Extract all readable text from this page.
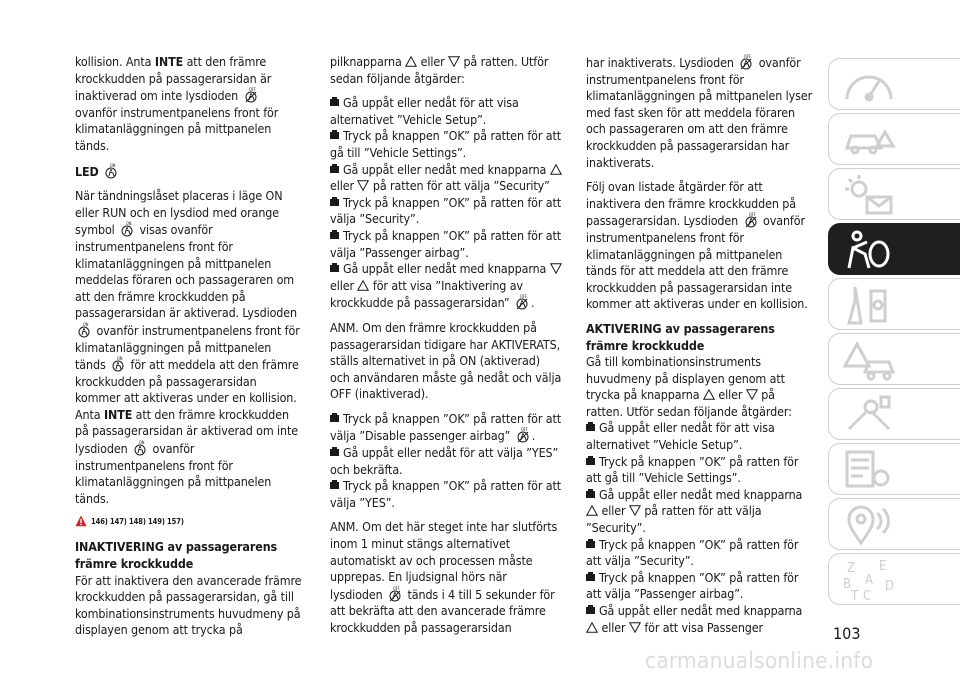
kollision. Anta INTE att den främre krockkudden på passagerarsidan är inaktiverad om inte lysdioden OFF
ovanför instrumentpanelens front för klimatanläggningen på mittpanelen tänds.

LED	ON

När tändningslåset placeras i läge ON eller RUN och en lysdiod med orange symbol ON visas ovanför instrumentpanelens front för klimatanläggningen på mittpanelen meddelas föraren och passageraren om att den främre krockkudden på passagerarsidan är aktiverad. Lysdioden
ON ovanför instrumentpanelens front för klimatanläggningen på mittpanelen tänds ON för att meddela att den främre krockkudden på passagerarsidan kommer att aktiveras under en kollision. Anta INTE att den främre krockkudden på passagerarsidan är aktiverad om inte lysdioden ON ovanför instrumentpanelens front för klimatanläggningen på mittpanelen tänds.

146) 147) 148) 149) 157)
INAKTIVERING av passagerarens främre krockkudde

För att inaktivera den avancerade främre krockkudden på passagerarsidan, gå till kombinationsinstruments huvudmeny på displayen genom att trycka på

pilknapparna  eller  på ratten. Utför sedan följande åtgärder:

Gå uppåt eller nedåt för att visa alternativet ”Vehicle Setup”.
Tryck på knappen ”OK” på ratten för att gå till ”Vehicle Settings”.
Gå uppåt eller nedåt med knapparna  eller  på ratten för att välja ”Security”
Tryck på knappen ”OK” på ratten för att välja ”Security”.
Tryck på knappen ”OK” på ratten för att välja ”Passenger airbag”.
Gå uppåt eller nedåt med knapparna  eller  för att visa ”Inaktivering av krockkudde på passagerarsidan” OFF .

ANM. Om den främre krockkudden på passagerarsidan tidigare har AKTIVERATS, ställs alternativet in på ON (aktiverad) och användaren måste gå nedåt och välja OFF (inaktiverad).

Tryck på knappen ”OK” på ratten för att välja ”Disable passenger airbag” OFF .
Gå uppåt eller nedåt för att välja ”YES” och bekräfta.
Tryck på knappen ”OK” på ratten för att välja ”YES”.

ANM. Om det här steget inte har slutförts inom 1 minut stängs alternativet automatiskt av och processen måste upprepas. En ljudsignal hörs när lysdioden OFF tänds i 4 till 5 sekunder för att bekräfta att den avancerade främre krockkudden på passagerarsidan

har inaktiverats. Lysdioden OFF ovanför instrumentpanelens front för klimatanläggningen på mittpanelen lyser med fast sken för att meddela föraren och passageraren om att den främre krockkudden på passagerarsidan har inaktiverats.

Följ ovan listade åtgärder för att inaktivera den främre krockkudden på passagerarsidan. Lysdioden OFF ovanför instrumentpanelens front för klimatanläggningen på mittpanelen tänds för att meddela att den främre krockkudden på passagerarsidan inte kommer att aktiveras under en kollision.

AKTIVERING av passagerarens främre krockkudde

Gå till kombinationsinstruments huvudmeny på displayen genom att trycka på knapparna  eller  på ratten. Utför sedan följande åtgärder:

Gå uppåt eller nedåt för att visa alternativet ”Vehicle Setup”.
Tryck på knappen ”OK” på ratten för att gå till ”Vehicle Settings”.
Gå uppåt eller nedåt med knapparna  eller  på ratten för att välja ”Security”.
Tryck på knappen ”OK” på ratten för att välja ”Security”.
Tryck på knappen ”OK” på ratten för att välja ”Passenger airbag”.
Gå uppåt eller nedåt med knapparna  eller  för att visa Passenger
Z E
B
C
A D
T
103
carmanualsonline.info
